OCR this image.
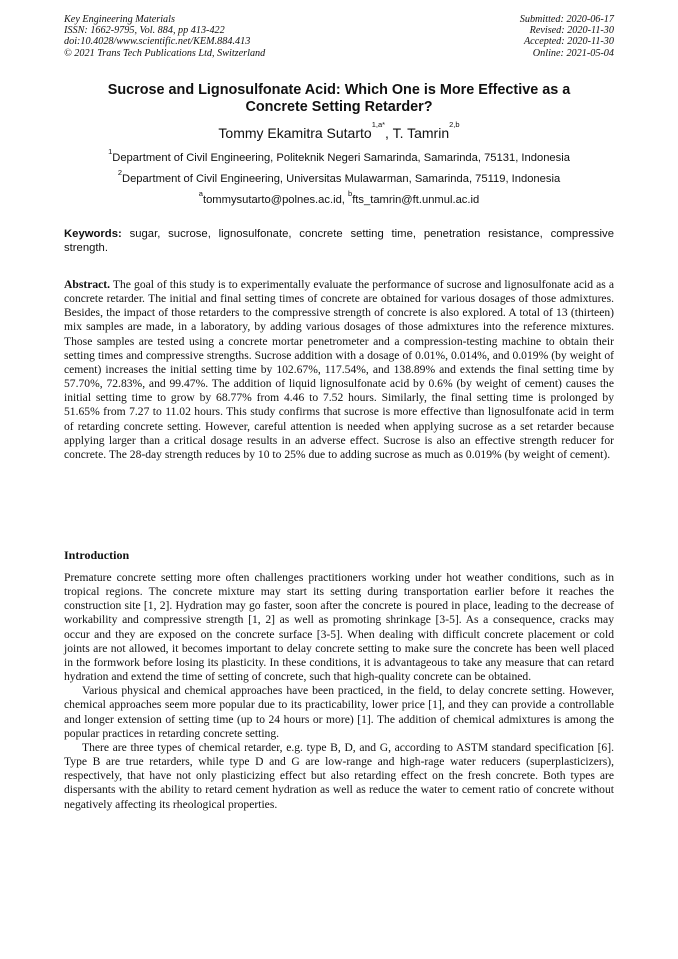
Key Engineering Materials
ISSN: 1662-9795, Vol. 884, pp 413-422
doi:10.4028/www.scientific.net/KEM.884.413
© 2021 Trans Tech Publications Ltd, Switzerland
Submitted: 2020-06-17
Revised: 2020-11-30
Accepted: 2020-11-30
Online: 2021-05-04
Sucrose and Lignosulfonate Acid: Which One is More Effective as a
Concrete Setting Retarder?
Tommy Ekamitra Sutarto$^{1,a*}$, T. Tamrin$^{2,b}$
$^1$Department of Civil Engineering, Politeknik Negeri Samarinda, Samarinda, 75131, Indonesia
$^2$Department of Civil Engineering, Universitas Mulawarman, Samarinda, 75119, Indonesia
$^a$tommysutarto@polnes.ac.id, $^b$fts_tamrin@ft.unmul.ac.id
Keywords: sugar, sucrose, lignosulfonate, concrete setting time, penetration resistance, compressive strength.
Abstract. The goal of this study is to experimentally evaluate the performance of sucrose and lignosulfonate acid as a concrete retarder. The initial and final setting times of concrete are obtained for various dosages of those admixtures. Besides, the impact of those retarders to the compressive strength of concrete is also explored. A total of 13 (thirteen) mix samples are made, in a laboratory, by adding various dosages of those admixtures into the reference mixtures. Those samples are tested using a concrete mortar penetrometer and a compression-testing machine to obtain their setting times and compressive strengths. Sucrose addition with a dosage of 0.01%, 0.014%, and 0.019% (by weight of cement) increases the initial setting time by 102.67%, 117.54%, and 138.89% and extends the final setting time by 57.70%, 72.83%, and 99.47%. The addition of liquid lignosulfonate acid by 0.6% (by weight of cement) causes the initial setting time to grow by 68.77% from 4.46 to 7.52 hours. Similarly, the final setting time is prolonged by 51.65% from 7.27 to 11.02 hours. This study confirms that sucrose is more effective than lignosulfonate acid in term of retarding concrete setting. However, careful attention is needed when applying sucrose as a set retarder because applying larger than a critical dosage results in an adverse effect. Sucrose is also an effective strength reducer for concrete. The 28-day strength reduces by 10 to 25% due to adding sucrose as much as 0.019% (by weight of cement).
Introduction

Premature concrete setting more often challenges practitioners working under hot weather conditions, such as in tropical regions. The concrete mixture may start its setting during transportation earlier before it reaches the construction site [1, 2]. Hydration may go faster, soon after the concrete is poured in place, leading to the decrease of workability and compressive strength [1, 2] as well as promoting shrinkage [3-5]. As a consequence, cracks may occur and they are exposed on the concrete surface [3-5]. When dealing with difficult concrete placement or cold joints are not allowed, it becomes important to delay concrete setting to make sure the concrete has been well placed in the formwork before losing its plasticity. In these conditions, it is advantageous to take any measure that can retard hydration and extend the time of setting of concrete, such that high-quality concrete can be obtained.

Various physical and chemical approaches have been practiced, in the field, to delay concrete setting. However, chemical approaches seem more popular due to its practicability, lower price [1], and they can provide a controllable and longer extension of setting time (up to 24 hours or more) [1]. The addition of chemical admixtures is among the popular practices in retarding concrete setting.

There are three types of chemical retarder, e.g. type B, D, and G, according to ASTM standard specification [6]. Type B are true retarders, while type D and G are low-range and high-rage water reducers (superplasticizers), respectively, that have not only plasticizing effect but also retarding effect on the fresh concrete. Both types are dispersants with the ability to retard cement hydration as well as reduce the water to cement ratio of concrete without negatively affecting its rheological properties.
